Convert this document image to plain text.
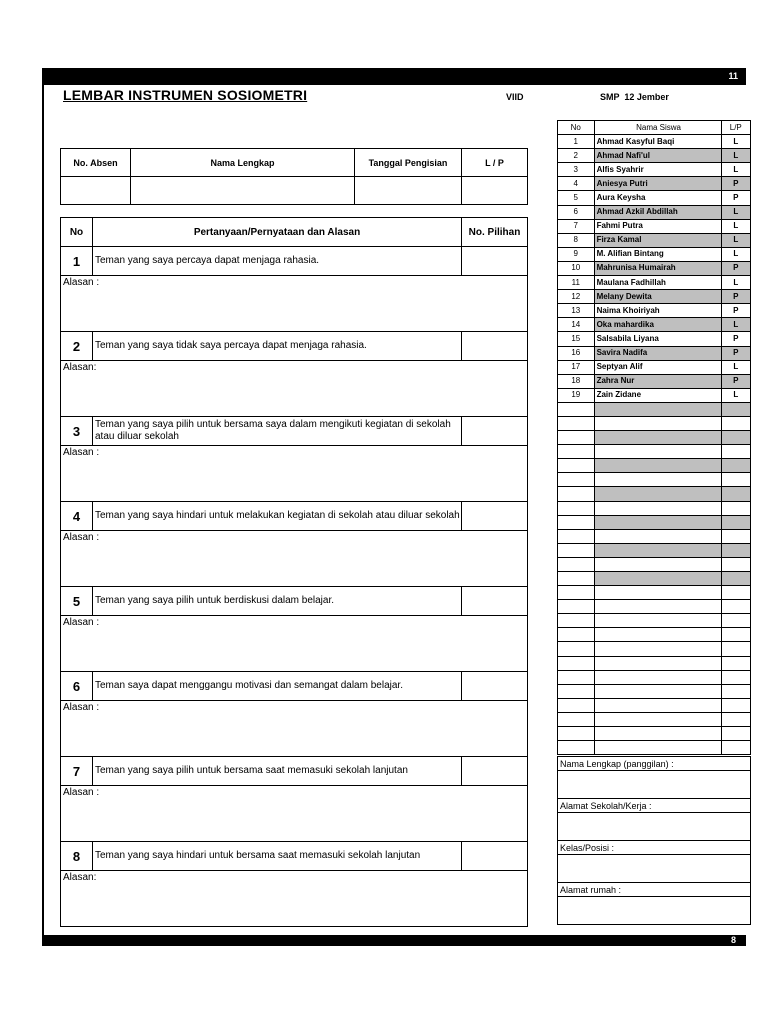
11
LEMBAR INSTRUMEN SOSIOMETRI	VIID	SMP  12 Jember
No. Absen	Nama Lengkap	Tanggal Pengisian	L / P

No	Pertanyaan/Pernyataan dan Alasan	No. Pilihan
1	Teman yang saya percaya dapat menjaga rahasia.	
Alasan :		
2	Teman yang saya tidak saya percaya dapat menjaga rahasia.	
Alasan:		
3	Teman yang saya pilih untuk bersama saya dalam mengikuti kegiatan di sekolah atau diluar sekolah	
Alasan :		
4	Teman yang saya hindari untuk melakukan kegiatan di sekolah atau diluar sekolah	
Alasan :		
5	Teman yang saya pilih untuk berdiskusi dalam belajar.	
Alasan :		
6	Teman saya dapat menggangu motivasi dan semangat dalam belajar.	
Alasan :		
7	Teman yang saya pilih untuk bersama saat memasuki sekolah lanjutan	
Alasan :		
8	Teman yang saya hindari untuk bersama saat memasuki sekolah lanjutan	
Alasan:		
No	Nama Siswa	L/P
1	Ahmad Kasyful Baqi	L
2	Ahmad Nafi'ul	L
3	Alfis Syahrir	L
4	Aniesya Putri	P
5	Aura Keysha	P
6	Ahmad Azkil Abdillah	L
7	Fahmi Putra	L
8	Firza Kamal	L
9	M. Alifian Bintang	L
10	Mahrunisa Humairah	P
11	Maulana Fadhillah	L
12	Melany Dewita	P
13	Naima Khoiriyah	P
14	Oka mahardika	L
15	Salsabila Liyana	P
16	Savira Nadifa	P
17	Septyan Alif	L
18	Zahra Nur	P
19	Zain Zidane	L

Nama Lengkap (panggilan) :

Alamat Sekolah/Kerja :

Kelas/Posisi :

Alamat rumah :

8
